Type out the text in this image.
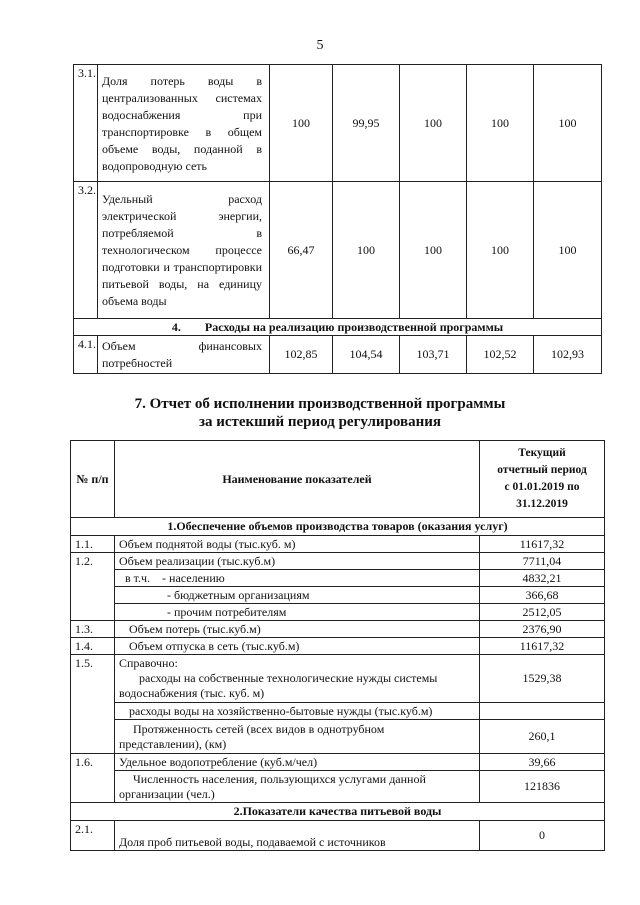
5
3.1.	Доля потерь воды в централизованных системах водоснабжения при транспортировке в общем объеме воды, поданной в водопроводную сеть	100	99,95	100	100	100
3.2.	Удельный расход электрической энергии, потребляемой в технологическом процессе подготовки и транспортировки питьевой воды, на единицу объема воды	66,47	100	100	100	100
4.        Расходы на реализацию производственной программы						
4.1.	Объем финансовых потребностей	102,85	104,54	103,71	102,52	102,93
7. Отчет об исполнении производственной программы
за истекший период регулирования
№ п/п	Наименование показателей	Текущий
отчетный период
с 01.01.2019 по
31.12.2019

1.Обеспечение объемов производства товаров (оказания услуг)		
1.1.	Объем поднятой воды (тыс.куб. м)	11617,32
1.2.	Объем реализации (тыс.куб.м)	7711,04
	в т.ч. - населению	4832,21
	- бюджетным организациям	366,68
	- прочим потребителям	2512,05
1.3.	Объем потерь (тыс.куб.м)	2376,90
1.4.	Объем отпуска в сеть (тыс.куб.м)	11617,32
1.5.	Справочно:
расходы на собственные технологические нужды системы
водоснабжения (тыс. куб. м)	1529,38
	расходы воды на хозяйственно-бытовые нужды (тыс.куб.м)	

	Протяженность сетей (всех видов в однотрубном
представлении), (км)	260,1
1.6.	Удельное водопотребление (куб.м/чел)	39,66

	Численность населения, пользующихся услугами данной
организации (чел.)	121836
2.Показатели качества питьевой воды		
2.1.	Доля проб питьевой воды, подаваемой с источников	0
